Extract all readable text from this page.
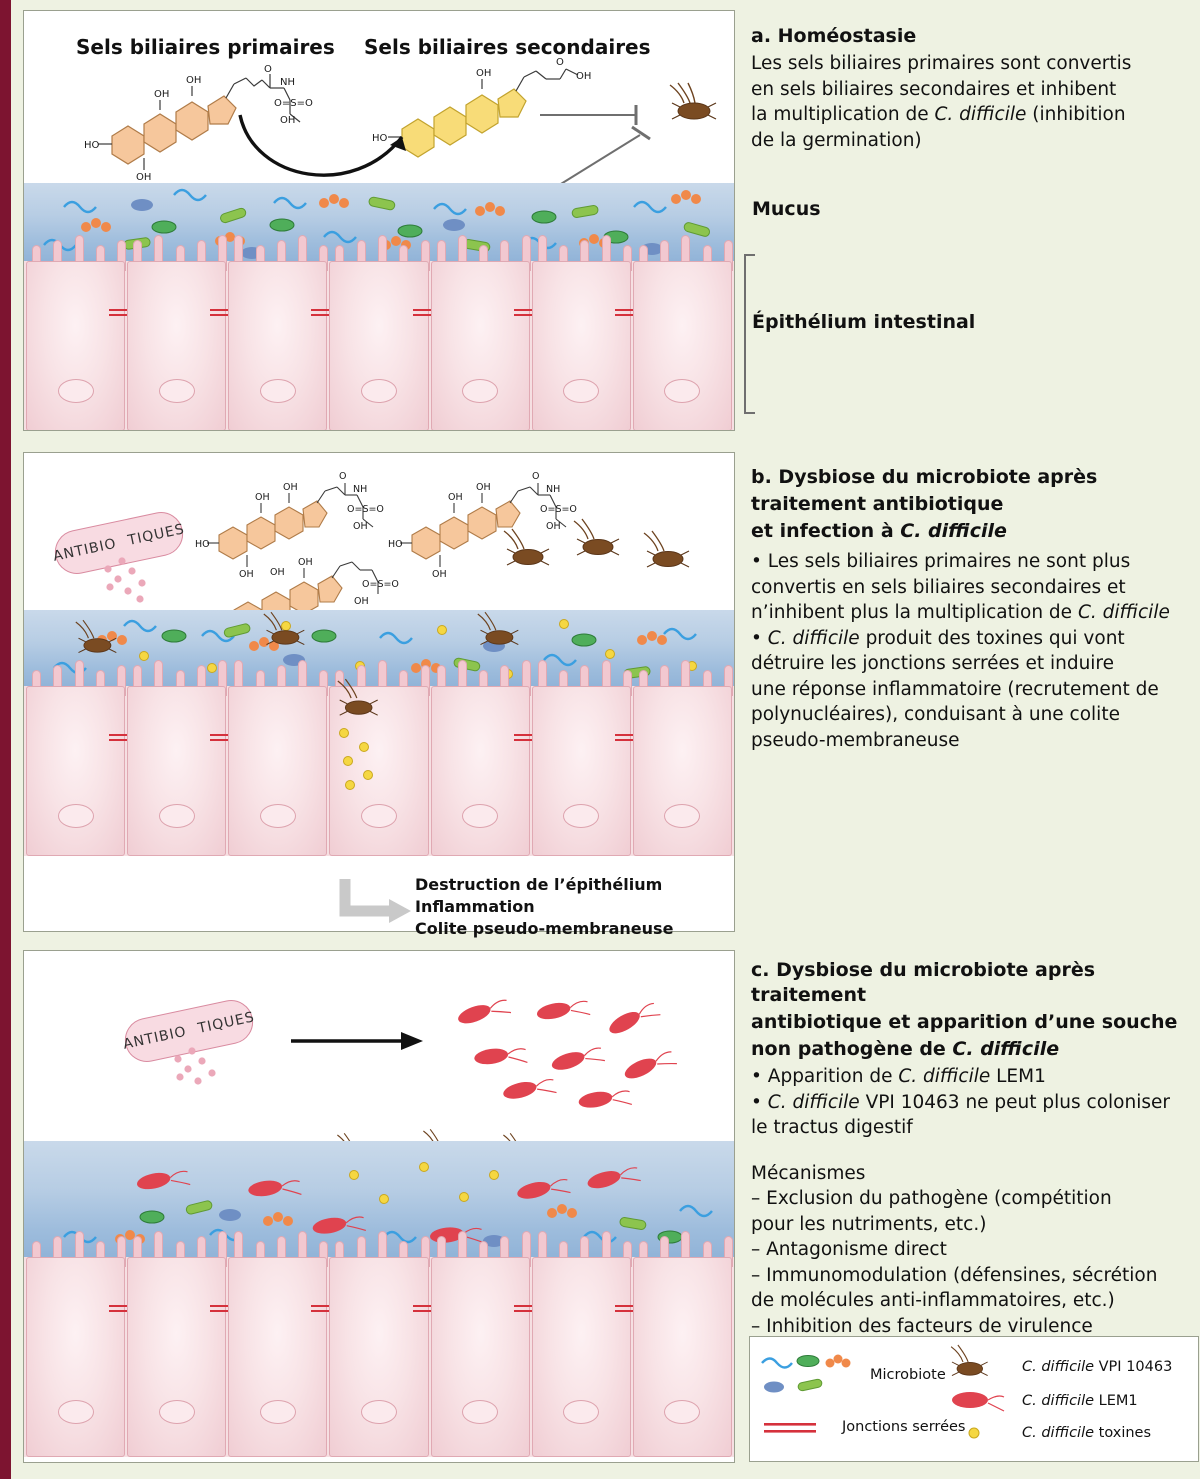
Sels biliaires primaires Sels biliaires secondaires
OH
OH
HO
OH
O
NH
O=S=O
OH
OH
O
OH
HO
Mucus
Épithélium intestinal
ANTIBIO
TIQUES
OH
OH
HO
OH
O
NH
O=S=O
OH
OH
OH
O=S=O
OH
OH
OH
HO
OH
O
NH
O=S=O
OH
Destruction de l’épithélium
Inflammation
Colite pseudo-membraneuse
ANTIBIO
TIQUES

a. Homéostasie

Les sels biliaires primaires sont convertis

en sels biliaires secondaires et inhibent

la multiplication de C. difficile (inhibition

de la germination)

b. Dysbiose du microbiote après

traitement antibiotique

et infection à C. difficile

• Les sels biliaires primaires ne sont plus

convertis en sels biliaires secondaires et

n’inhibent plus la multiplication de C. difficile

• C. difficile produit des toxines qui vont

détruire les jonctions serrées et induire

une réponse inflammatoire (recrutement de

polynucléaires), conduisant à une colite

pseudo-membraneuse

c. Dysbiose du microbiote après traitement

antibiotique et apparition d’une souche

non pathogène de C. difficile

• Apparition de C. difficile LEM1

• C. difficile VPI 10463 ne peut plus coloniser

le tractus digestif

Mécanismes

– Exclusion du pathogène (compétition

pour les nutriments, etc.)

– Antagonisme direct

– Immunomodulation (défensines, sécrétion

de molécules anti-inflammatoires, etc.)

– Inhibition des facteurs de virulence

Microbiote
Jonctions serrées
C. difficile VPI 10463
C. difficile LEM1
C. difficile toxines
